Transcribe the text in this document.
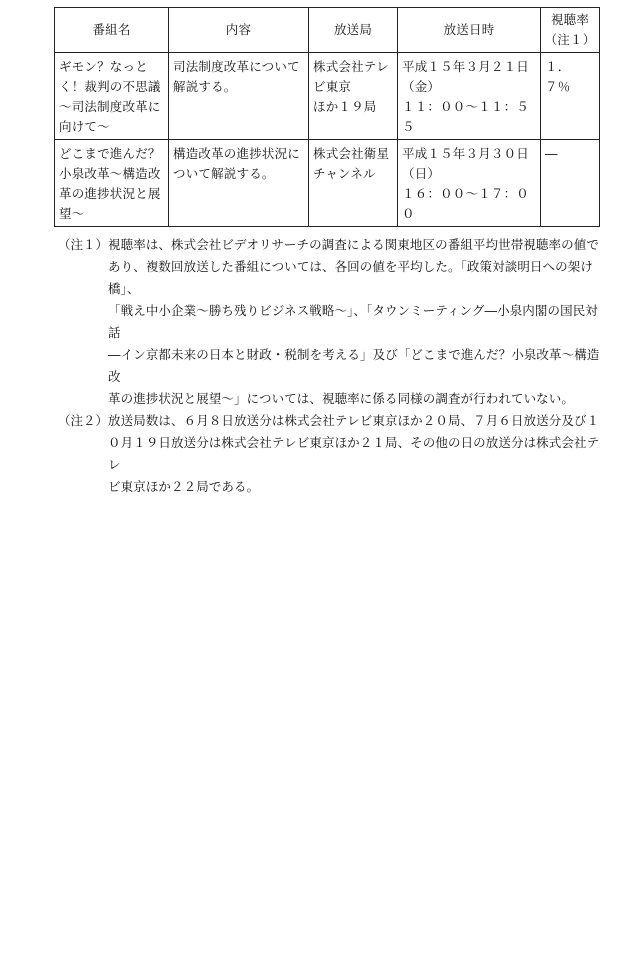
番組名	内容	放送局	放送日時	視聴率
（注１）
ギモン？なっと
く！裁判の不思議
～司法制度改革に
向けて～	司法制度改革について
解説する。	株式会社テレ
ビ東京
ほか１９局	平成１５年３月２１日
（金）
１１：００～１１：５５	１．７％
どこまで進んだ？
小泉改革～構造改
革の進捗状況と展
望～	構造改革の進捗状況に
ついて解説する。	株式会社衛星
チャンネル	平成１５年３月３０日
（日）
１６：００～１７：００	―
（注１） 視聴率は、株式会社ビデオリサーチの調査による関東地区の番組平均世帯視聴率の値で
あり、複数回放送した番組については、各回の値を平均した。「政策対談明日への架け橋」、
「戦え中小企業～勝ち残りビジネス戦略～」、「タウンミーティング―小泉内閣の国民対話
―イン京都未来の日本と財政・税制を考える」及び「どこまで進んだ？小泉改革～構造改
革の進捗状況と展望～」については、視聴率に係る同様の調査が行われていない。
（注２） 放送局数は、６月８日放送分は株式会社テレビ東京ほか２０局、７月６日放送分及び１
０月１９日放送分は株式会社テレビ東京ほか２１局、その他の日の放送分は株式会社テレ
ビ東京ほか２２局である。
